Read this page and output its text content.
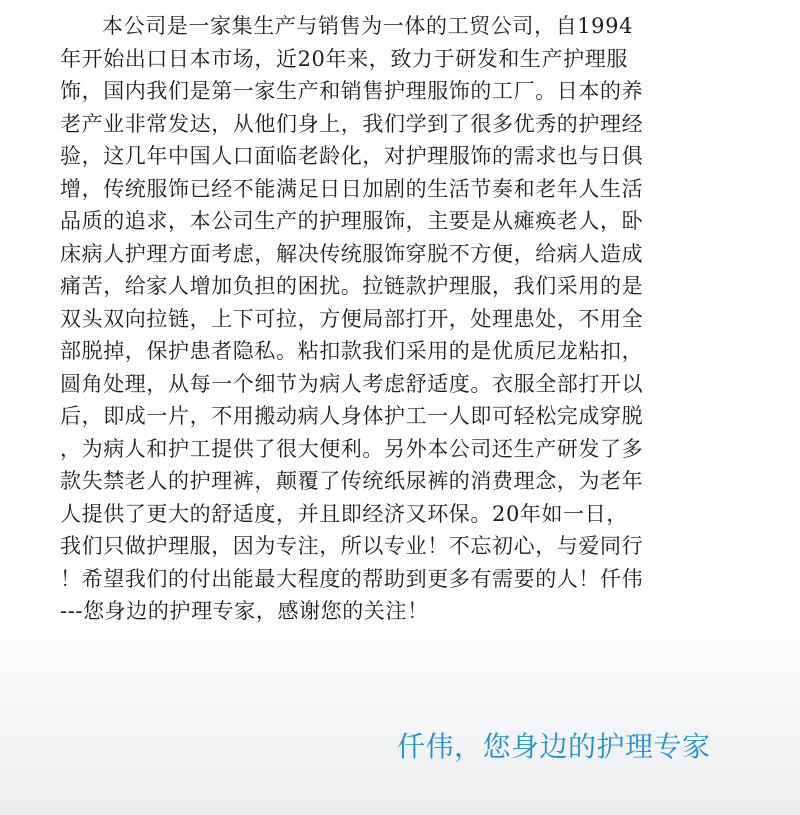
本公司是一家集生产与销售为一体的工贸公司，自1994
年开始出口日本市场，近20年来，致力于研发和生产护理服
饰，国内我们是第一家生产和销售护理服饰的工厂。日本的养
老产业非常发达，从他们身上，我们学到了很多优秀的护理经
验，这几年中国人口面临老龄化，对护理服饰的需求也与日俱
增，传统服饰已经不能满足日日加剧的生活节奏和老年人生活
品质的追求，本公司生产的护理服饰，主要是从瘫痪老人，卧
床病人护理方面考虑，解决传统服饰穿脱不方便，给病人造成
痛苦，给家人增加负担的困扰。拉链款护理服，我们采用的是
双头双向拉链，上下可拉，方便局部打开，处理患处，不用全
部脱掉，保护患者隐私。粘扣款我们采用的是优质尼龙粘扣，
圆角处理，从每一个细节为病人考虑舒适度。衣服全部打开以
后，即成一片，不用搬动病人身体护工一人即可轻松完成穿脱
，为病人和护工提供了很大便利。另外本公司还生产研发了多
款失禁老人的护理裤，颠覆了传统纸尿裤的消费理念，为老年
人提供了更大的舒适度，并且即经济又环保。20年如一日，
我们只做护理服，因为专注，所以专业！不忘初心，与爱同行
！希望我们的付出能最大程度的帮助到更多有需要的人！仟伟
---您身边的护理专家，感谢您的关注！
仟伟，您身边的护理专家
